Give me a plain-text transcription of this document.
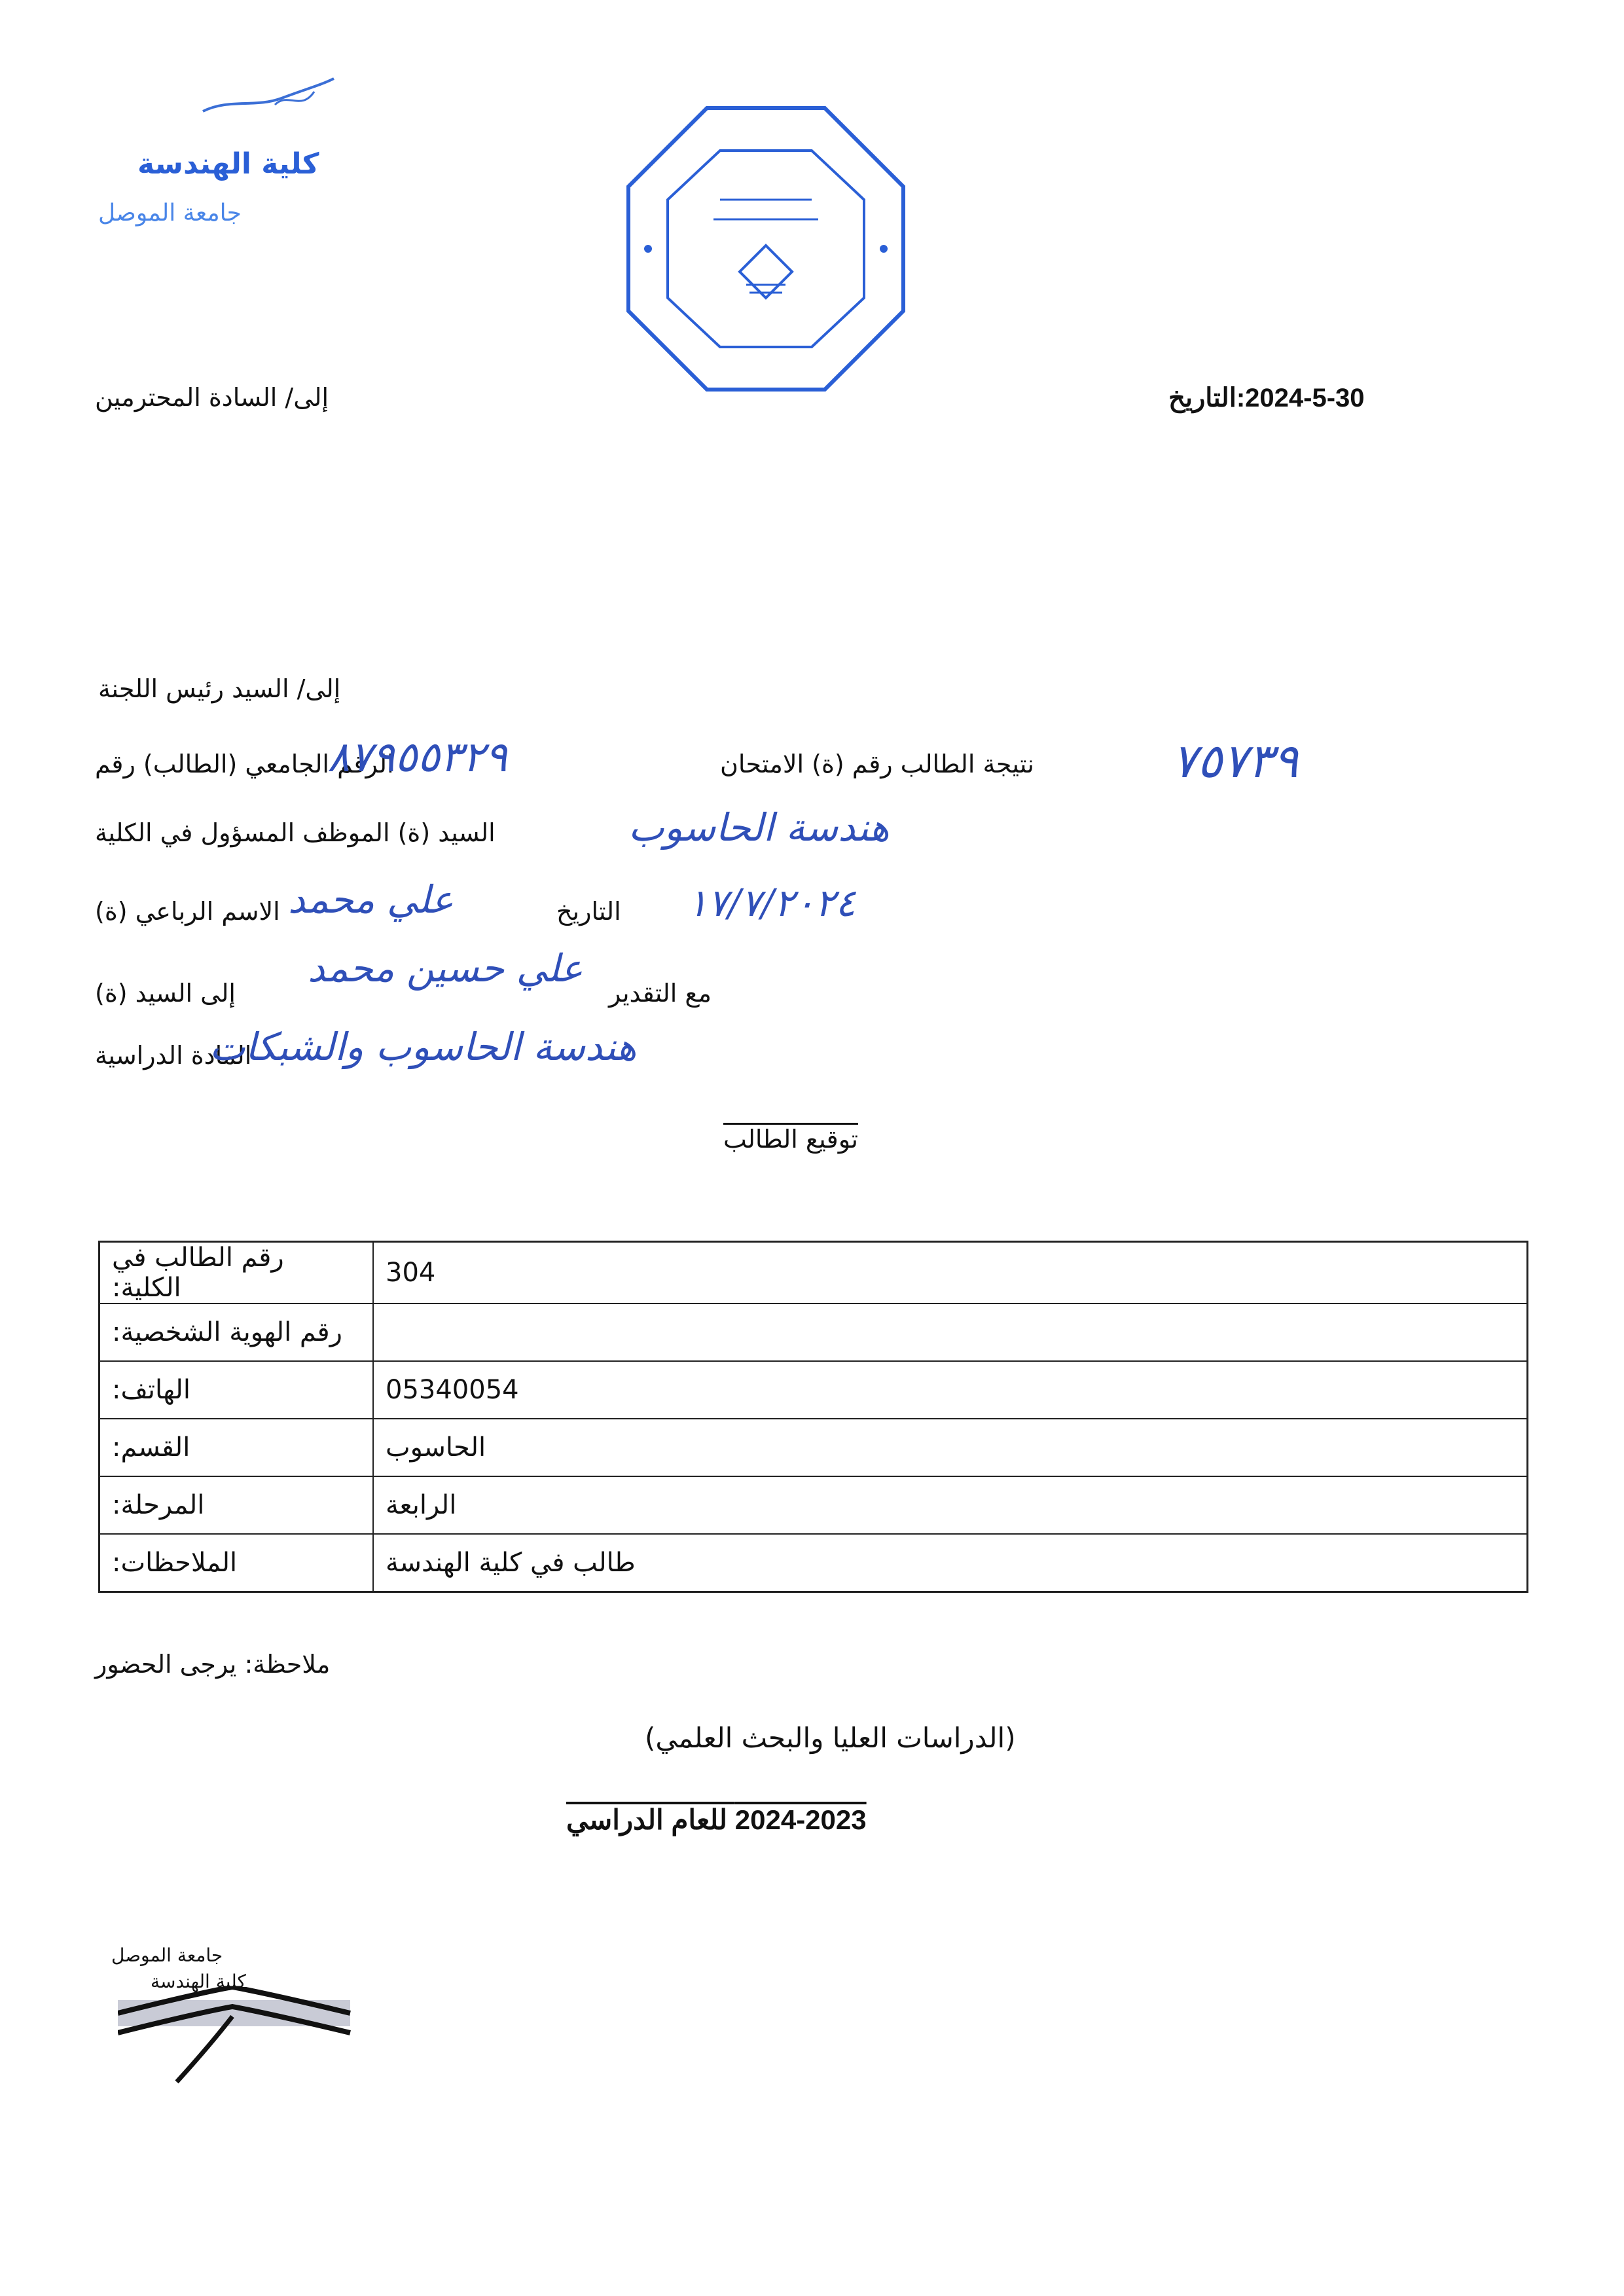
كلية الهندسة
جامعة الموصل
إلى/ السادة المحترمين	2024-5-30:التاريخ
إلى/ السيد رئيس اللجنة
الرقم الجامعي (الطالب) رقم
٨٧٩٥٥٣٢٩	نتيجة الطالب رقم (ة) الامتحان	٧٥٧٣٩
السيد (ة) الموظف المسؤول في الكلية	هندسة الحاسوب
الاسم الرباعي (ة) علي محمد	التاريخ ١٧/٧/٢٠٢٤
إلى السيد (ة)
علي حسين محمد
مع التقدير
المادة الدراسية
هندسة الحاسوب والشبكات
توقيع الطالب
رقم الطالب في الكلية:	304
رقم الهوية الشخصية:	
الهاتف:	05340054
القسم:	الحاسوب
المرحلة:	الرابعة
الملاحظات:	طالب في كلية الهندسة
ملاحظة: يرجى الحضور
(الدراسات العليا والبحث العلمي)
2024-2023 للعام الدراسي
جامعة الموصل
كلية الهندسة
